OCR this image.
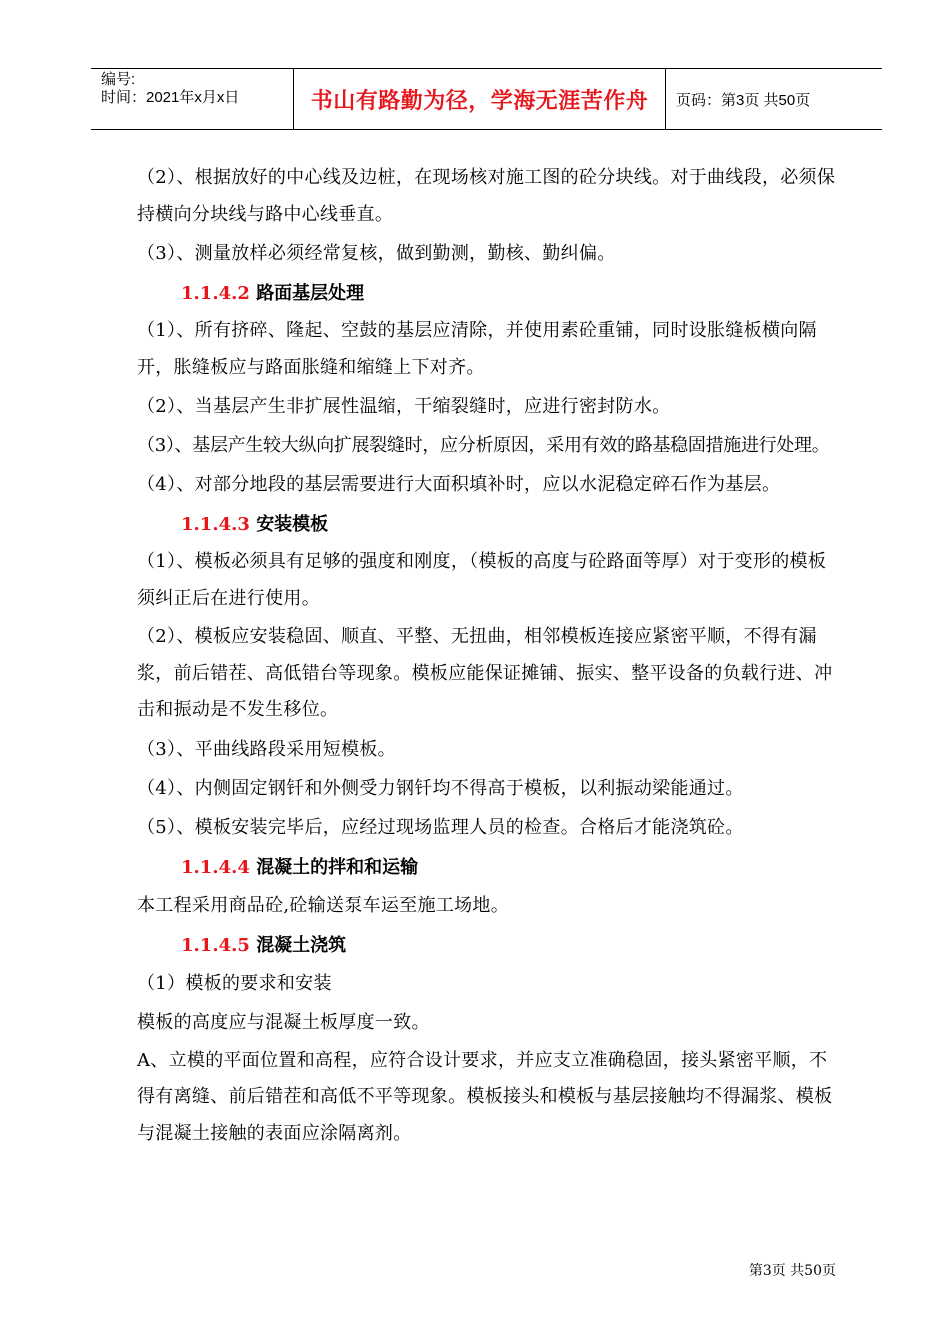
编号:
时间：2021年x月x日	书山有路勤为径，学海无涯苦作舟	页码：第3页 共50页

（2）、根据放好的中心线及边桩，在现场核对施工图的砼分块线。对于曲线段，必须保持横向分块线与路中心线垂直。

（3）、测量放样必须经常复核，做到勤测，勤核、勤纠偏。

1.1.4.2 路面基层处理

（1）、所有挤碎、隆起、空鼓的基层应清除，并使用素砼重铺，同时设胀缝板横向隔开，胀缝板应与路面胀缝和缩缝上下对齐。

（2）、当基层产生非扩展性温缩，干缩裂缝时，应进行密封防水。

（3）、基层产生较大纵向扩展裂缝时，应分析原因，采用有效的路基稳固措施进行处理。

（4）、对部分地段的基层需要进行大面积填补时，应以水泥稳定碎石作为基层。

1.1.4.3 安装模板

（1）、模板必须具有足够的强度和刚度，（模板的高度与砼路面等厚）对于变形的模板须纠正后在进行使用。

（2）、模板应安装稳固、顺直、平整、无扭曲，相邻模板连接应紧密平顺，不得有漏浆，前后错茬、高低错台等现象。模板应能保证摊铺、振实、整平设备的负载行进、冲击和振动是不发生移位。

（3）、平曲线路段采用短模板。

（4）、内侧固定钢钎和外侧受力钢钎均不得高于模板，以利振动梁能通过。

（5）、模板安装完毕后，应经过现场监理人员的检查。合格后才能浇筑砼。

1.1.4.4 混凝土的拌和和运输

本工程采用商品砼,砼输送泵车运至施工场地。

1.1.4.5 混凝土浇筑

（1）模板的要求和安装

模板的高度应与混凝土板厚度一致。

A、立模的平面位置和高程，应符合设计要求，并应支立准确稳固，接头紧密平顺，不得有离缝、前后错茬和高低不平等现象。模板接头和模板与基层接触均不得漏浆、模板与混凝土接触的表面应涂隔离剂。

第3页 共50页
